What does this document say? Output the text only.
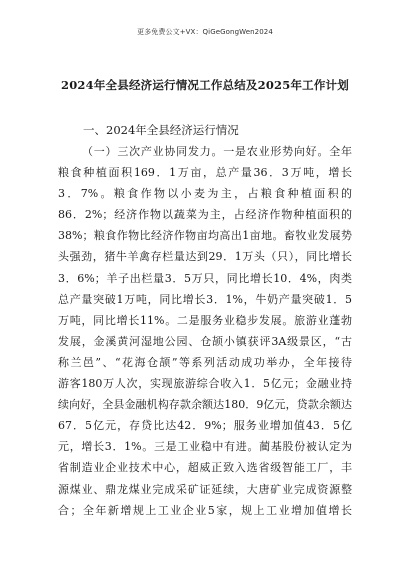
更多免费公文+VX：QiGeGongWen2024
2024年全县经济运行情况工作总结及2025年工作计划
一、2024年全县经济运行情况
（一）三次产业协同发力。一是农业形势向好。全年
粮食种植面积169．1万亩，总产量36．3万吨，增长
3．7%。粮食作物以小麦为主，占粮食种植面积的
86．2%；经济作物以蔬菜为主，占经济作物种植面积的
38%；粮食作物比经济作物亩均高出1亩地。畜牧业发展势
头强劲，猪牛羊禽存栏量达到29．1万头（只），同比增长
3．6%；羊子出栏量3．5万只，同比增长10．4%，肉类
总产量突破1万吨，同比增长3．1%，牛奶产量突破1．5
万吨，同比增长11%。二是服务业稳步发展。旅游业蓬勃
发展，金溪黄河湿地公园、仓颉小镇获评3A级景区，“古
称兰邑”、“花海仓颉”等系列活动成功举办，全年接待
游客180万人次，实现旅游综合收入1．5亿元；金融业持
续向好，全县金融机构存款余额达180．9亿元，贷款余额达
67．5亿元，存贷比达42．9%；服务业增加值43．5亿
元，增长3．1%。三是工业稳中有进。蔺基股份被认定为
省制造业企业技术中心，超威正致入选省级智能工厂，丰
源煤业、鼎龙煤业完成采矿证延续，大唐矿业完成资源整
合；全年新增规上工业企业5家，规上工业增加值增长
